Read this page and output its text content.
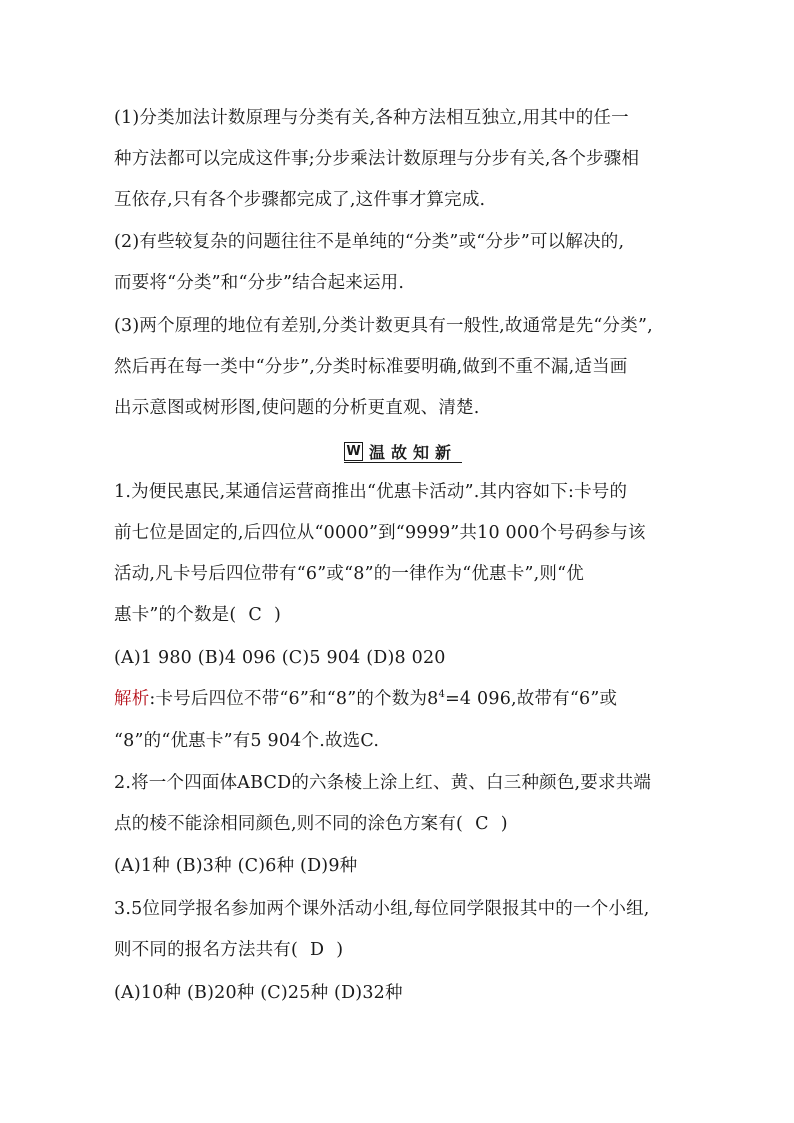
(1)分类加法计数原理与分类有关,各种方法相互独立,用其中的任一
种方法都可以完成这件事;分步乘法计数原理与分步有关,各个步骤相
互依存,只有各个步骤都完成了,这件事才算完成.
(2)有些较复杂的问题往往不是单纯的“分类”或“分步”可以解决的,
而要将“分类”和“分步”结合起来运用.
(3)两个原理的地位有差别,分类计数更具有一般性,故通常是先“分类”,
然后再在每一类中“分步”,分类时标准要明确,做到不重不漏,适当画
出示意图或树形图,使问题的分析更直观、清楚.
W 温故知新
1.为便民惠民,某通信运营商推出“优惠卡活动”.其内容如下:卡号的
前七位是固定的,后四位从“0000”到“9999”共10 000个号码参与该
活动,凡卡号后四位带有“6”或“8”的一律作为“优惠卡”,则“优
惠卡”的个数是( C )
(A)1 980 (B)4 096 (C)5 904 (D)8 020
解析:卡号后四位不带“6”和“8”的个数为$8^4=4$ 096,故带有“6”或
“8”的“优惠卡”有5 904个.故选C.
2.将一个四面体ABCD的六条棱上涂上红、黄、白三种颜色,要求共端
点的棱不能涂相同颜色,则不同的涂色方案有( C )
(A)1种 (B)3种 (C)6种 (D)9种
3.5位同学报名参加两个课外活动小组,每位同学限报其中的一个小组,
则不同的报名方法共有( D )
(A)10种 (B)20种 (C)25种 (D)32种
